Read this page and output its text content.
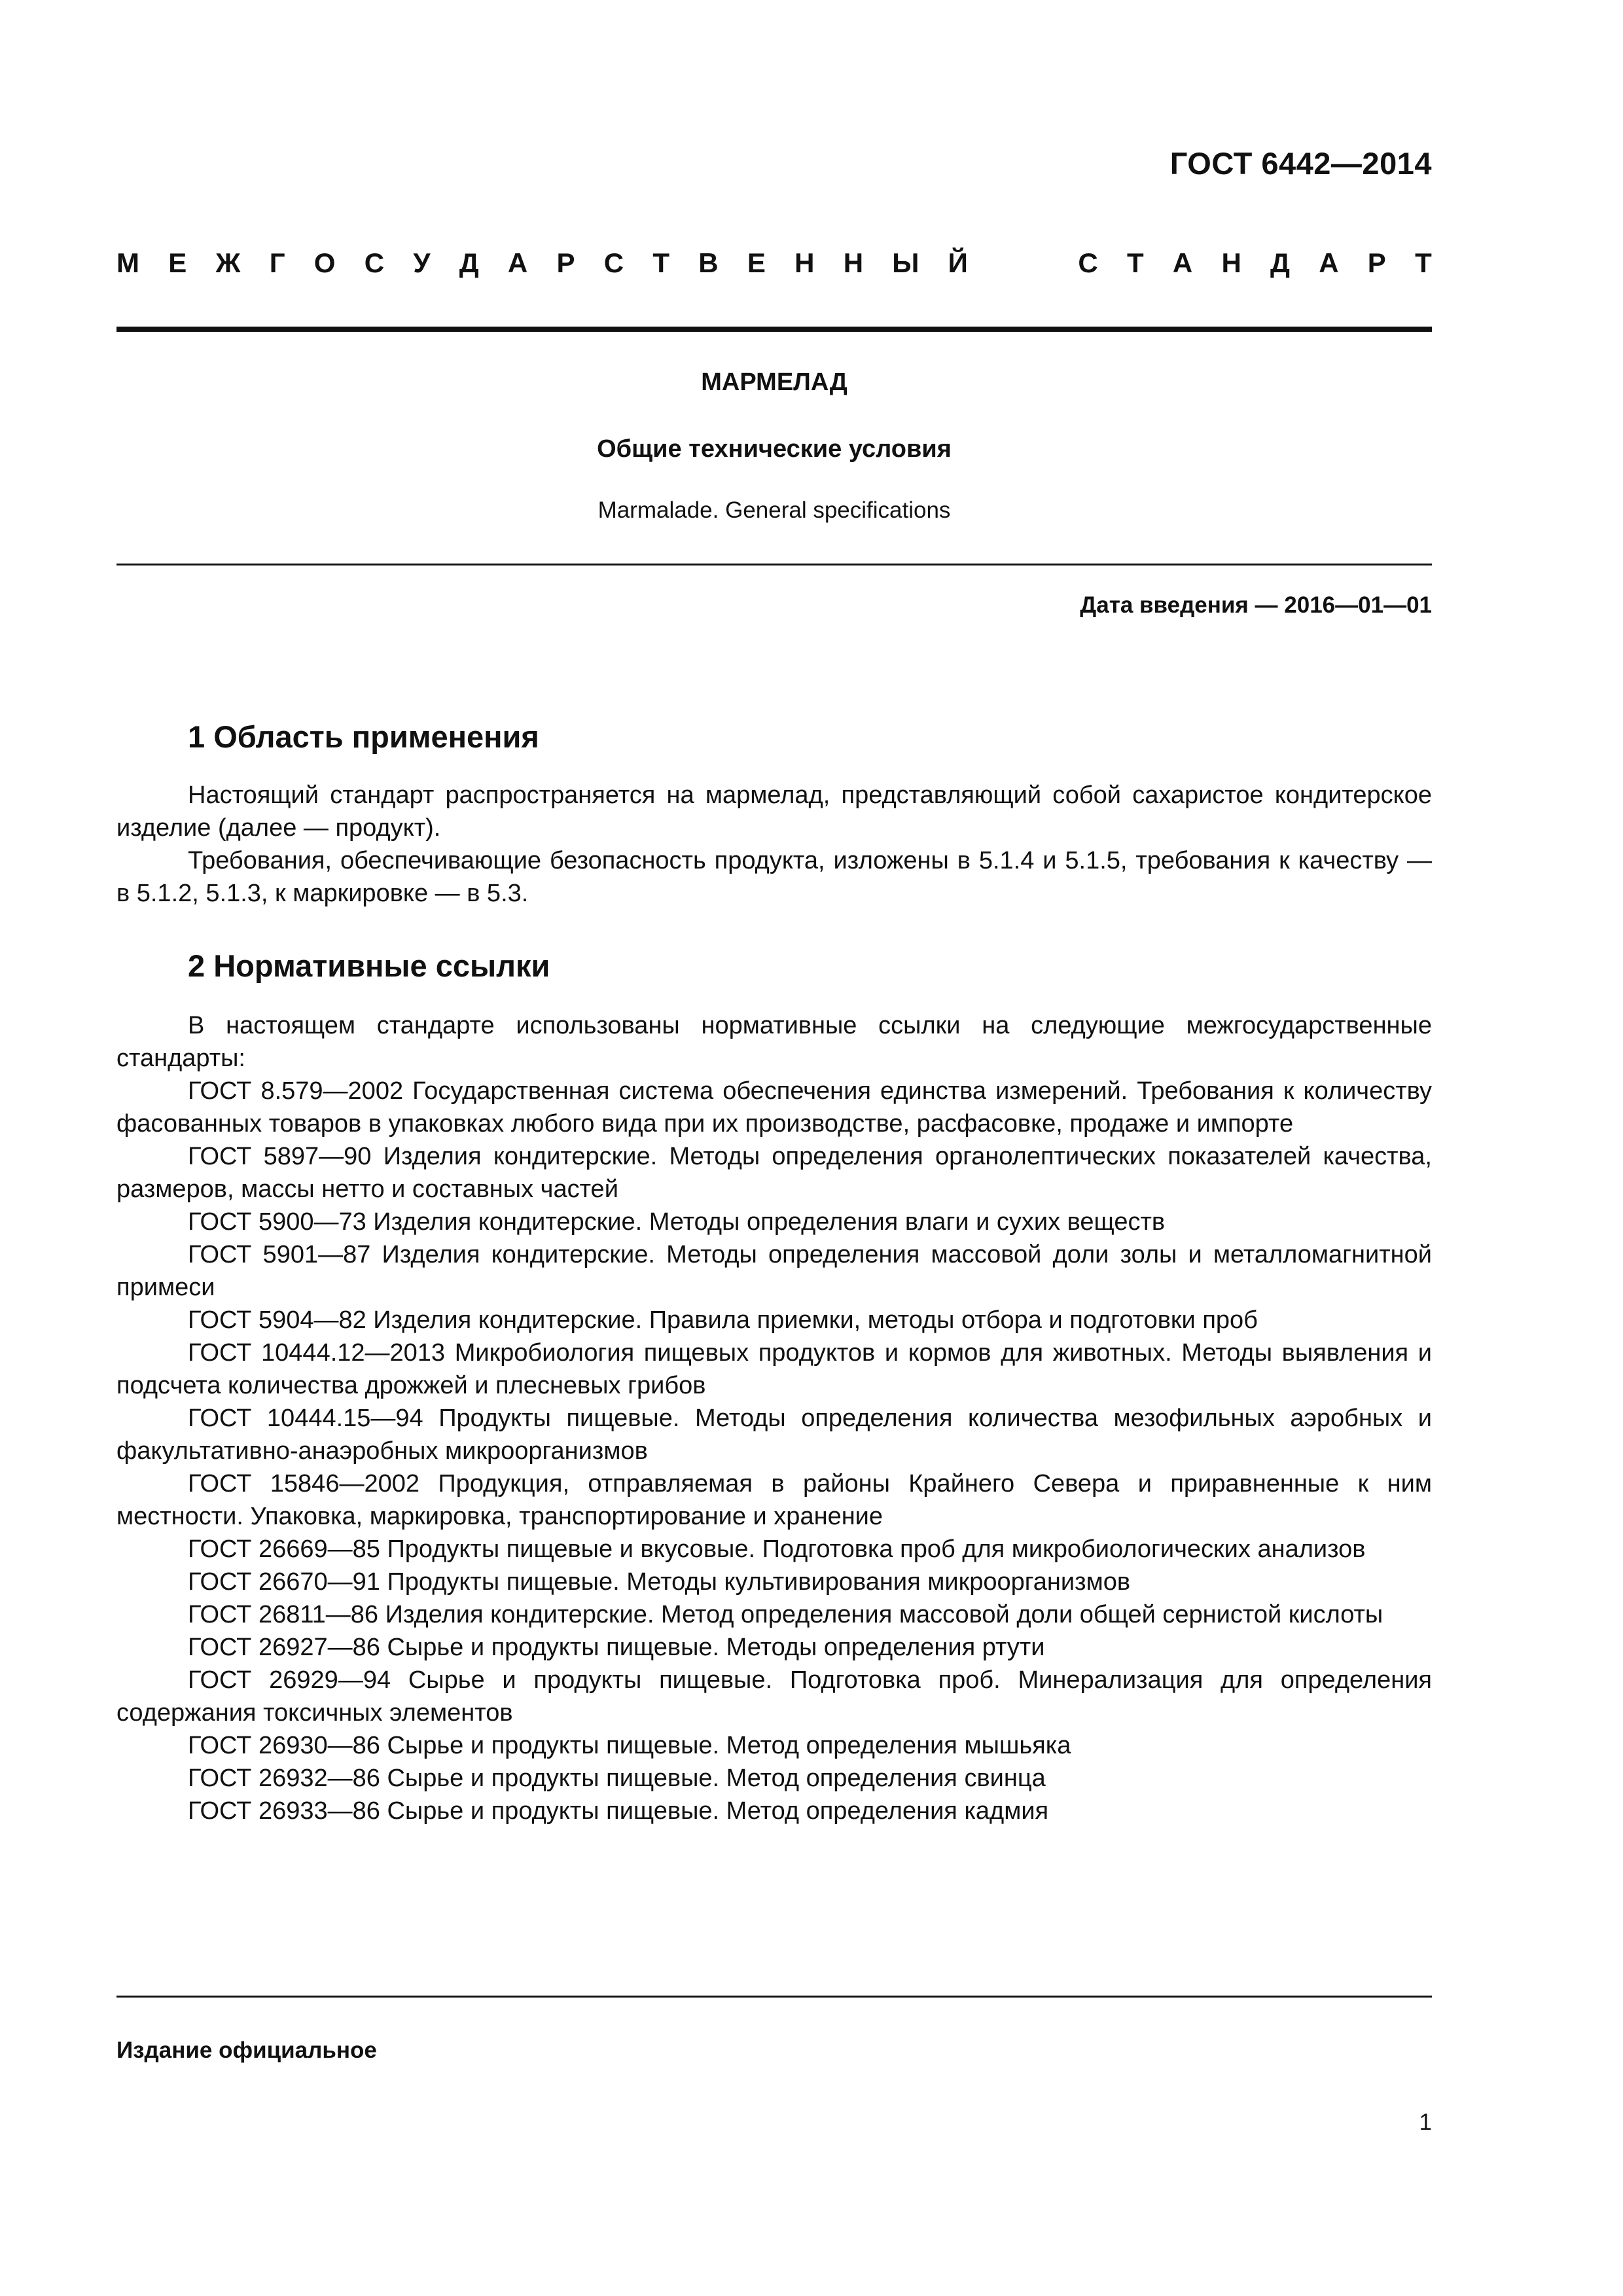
ГОСТ 6442—2014
М Е Ж Г О С У Д А Р С Т В Е Н Н Ы Й	С Т А Н Д А Р Т
МАРМЕЛАД
Общие технические условия
Marmalade. General specifications
Дата введения — 2016—01—01
1 Область применения

Настоящий стандарт распространяется на мармелад, представляющий собой сахаристое кондитерское изделие (далее — продукт).

Требования, обеспечивающие безопасность продукта, изложены в 5.1.4 и 5.1.5, требования к качеству — в 5.1.2, 5.1.3, к маркировке — в 5.3.

2 Нормативные ссылки

В настоящем стандарте использованы нормативные ссылки на следующие межгосударственные стандарты:

ГОСТ 8.579—2002 Государственная система обеспечения единства измерений. Требования к количеству фасованных товаров в упаковках любого вида при их производстве, расфасовке, продаже и импорте

ГОСТ 5897—90 Изделия кондитерские. Методы определения органолептических показателей качества, размеров, массы нетто и составных частей

ГОСТ 5900—73 Изделия кондитерские. Методы определения влаги и сухих веществ

ГОСТ 5901—87 Изделия кондитерские. Методы определения массовой доли золы и металломагнитной примеси

ГОСТ 5904—82 Изделия кондитерские. Правила приемки, методы отбора и подготовки проб

ГОСТ 10444.12—2013 Микробиология пищевых продуктов и кормов для животных. Методы выявления и подсчета количества дрожжей и плесневых грибов

ГОСТ 10444.15—94 Продукты пищевые. Методы определения количества мезофильных аэробных и факультативно-анаэробных микроорганизмов

ГОСТ 15846—2002 Продукция, отправляемая в районы Крайнего Севера и приравненные к ним местности. Упаковка, маркировка, транспортирование и хранение

ГОСТ 26669—85 Продукты пищевые и вкусовые. Подготовка проб для микробиологических анализов

ГОСТ 26670—91 Продукты пищевые. Методы культивирования микроорганизмов

ГОСТ 26811—86 Изделия кондитерские. Метод определения массовой доли общей сернистой кислоты

ГОСТ 26927—86 Сырье и продукты пищевые. Методы определения ртути

ГОСТ 26929—94 Сырье и продукты пищевые. Подготовка проб. Минерализация для определения содержания токсичных элементов

ГОСТ 26930—86 Сырье и продукты пищевые. Метод определения мышьяка

ГОСТ 26932—86 Сырье и продукты пищевые. Метод определения свинца

ГОСТ 26933—86 Сырье и продукты пищевые. Метод определения кадмия

Издание официальное
1
